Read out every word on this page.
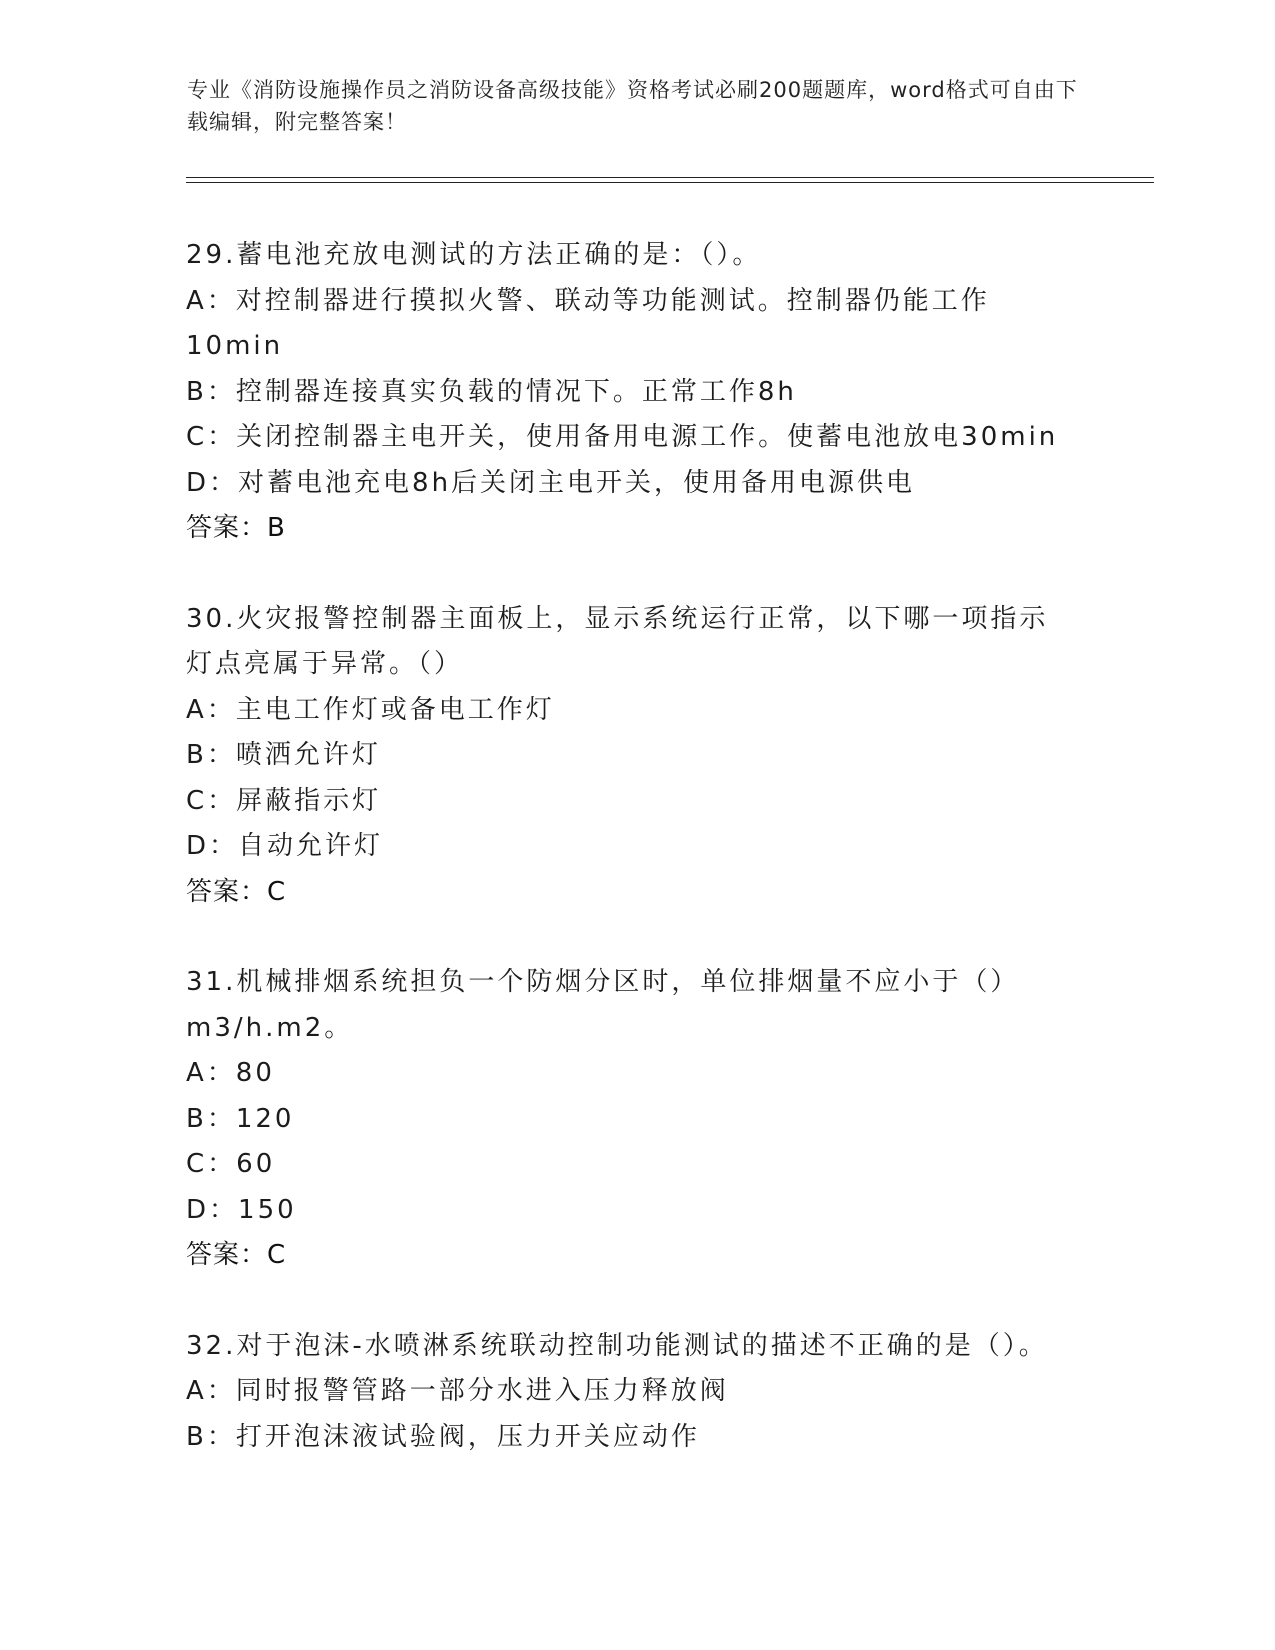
专业《消防设施操作员之消防设备高级技能》资格考试必刷200题题库，word格式可自由下载编辑，附完整答案！
29.蓄电池充放电测试的方法正确的是：（）。
A：对控制器进行摸拟火警、联动等功能测试。控制器仍能工作10min
B：控制器连接真实负载的情况下。正常工作8h
C：关闭控制器主电开关，使用备用电源工作。使蓄电池放电30min
D：对蓄电池充电8h后关闭主电开关，使用备用电源供电
答案：B
30.火灾报警控制器主面板上，显示系统运行正常，以下哪一项指示灯点亮属于异常。（）
A：主电工作灯或备电工作灯
B：喷洒允许灯
C：屏蔽指示灯
D：自动允许灯
答案：C
31.机械排烟系统担负一个防烟分区时，单位排烟量不应小于（）m3/h.m2。
A：80
B：120
C：60
D：150
答案：C
32.对于泡沫-水喷淋系统联动控制功能测试的描述不正确的是（）。
A：同时报警管路一部分水进入压力释放阀
B：打开泡沫液试验阀，压力开关应动作
